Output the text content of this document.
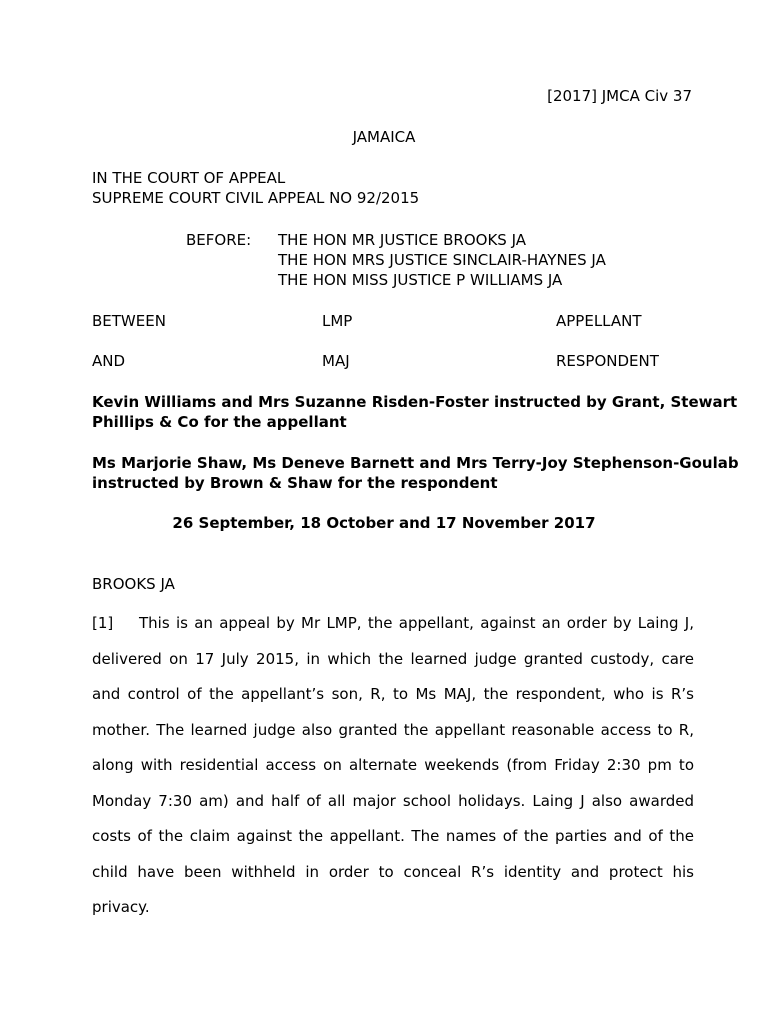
[2017] JMCA Civ 37
JAMAICA
IN THE COURT OF APPEAL
SUPREME COURT CIVIL APPEAL NO 92/2015
BEFORE: THE HON MR JUSTICE BROOKS JA
THE HON MRS JUSTICE SINCLAIR-HAYNES JA
THE HON MISS JUSTICE P WILLIAMS JA
BETWEEN	LMP	APPELLANT
AND	MAJ	RESPONDENT
Kevin Williams and Mrs Suzanne Risden-Foster instructed by Grant, Stewart
Phillips & Co for the appellant
Ms Marjorie Shaw, Ms Deneve Barnett and Mrs Terry-Joy Stephenson-Goulab
instructed by Brown & Shaw for the respondent
26 September, 18 October and 17 November 2017
BROOKS JA

[1] This is an appeal by Mr LMP, the appellant, against an order by Laing J, delivered on 17 July 2015, in which the learned judge granted custody, care and control of the appellant’s son, R, to Ms MAJ, the respondent, who is R’s mother. The learned judge also granted the appellant reasonable access to R, along with residential access on alternate weekends (from Friday 2:30 pm to Monday 7:30 am) and half of all major school holidays. Laing J also awarded costs of the claim against the appellant. The names of the parties and of the child have been withheld in order to conceal R’s identity and protect his privacy.
